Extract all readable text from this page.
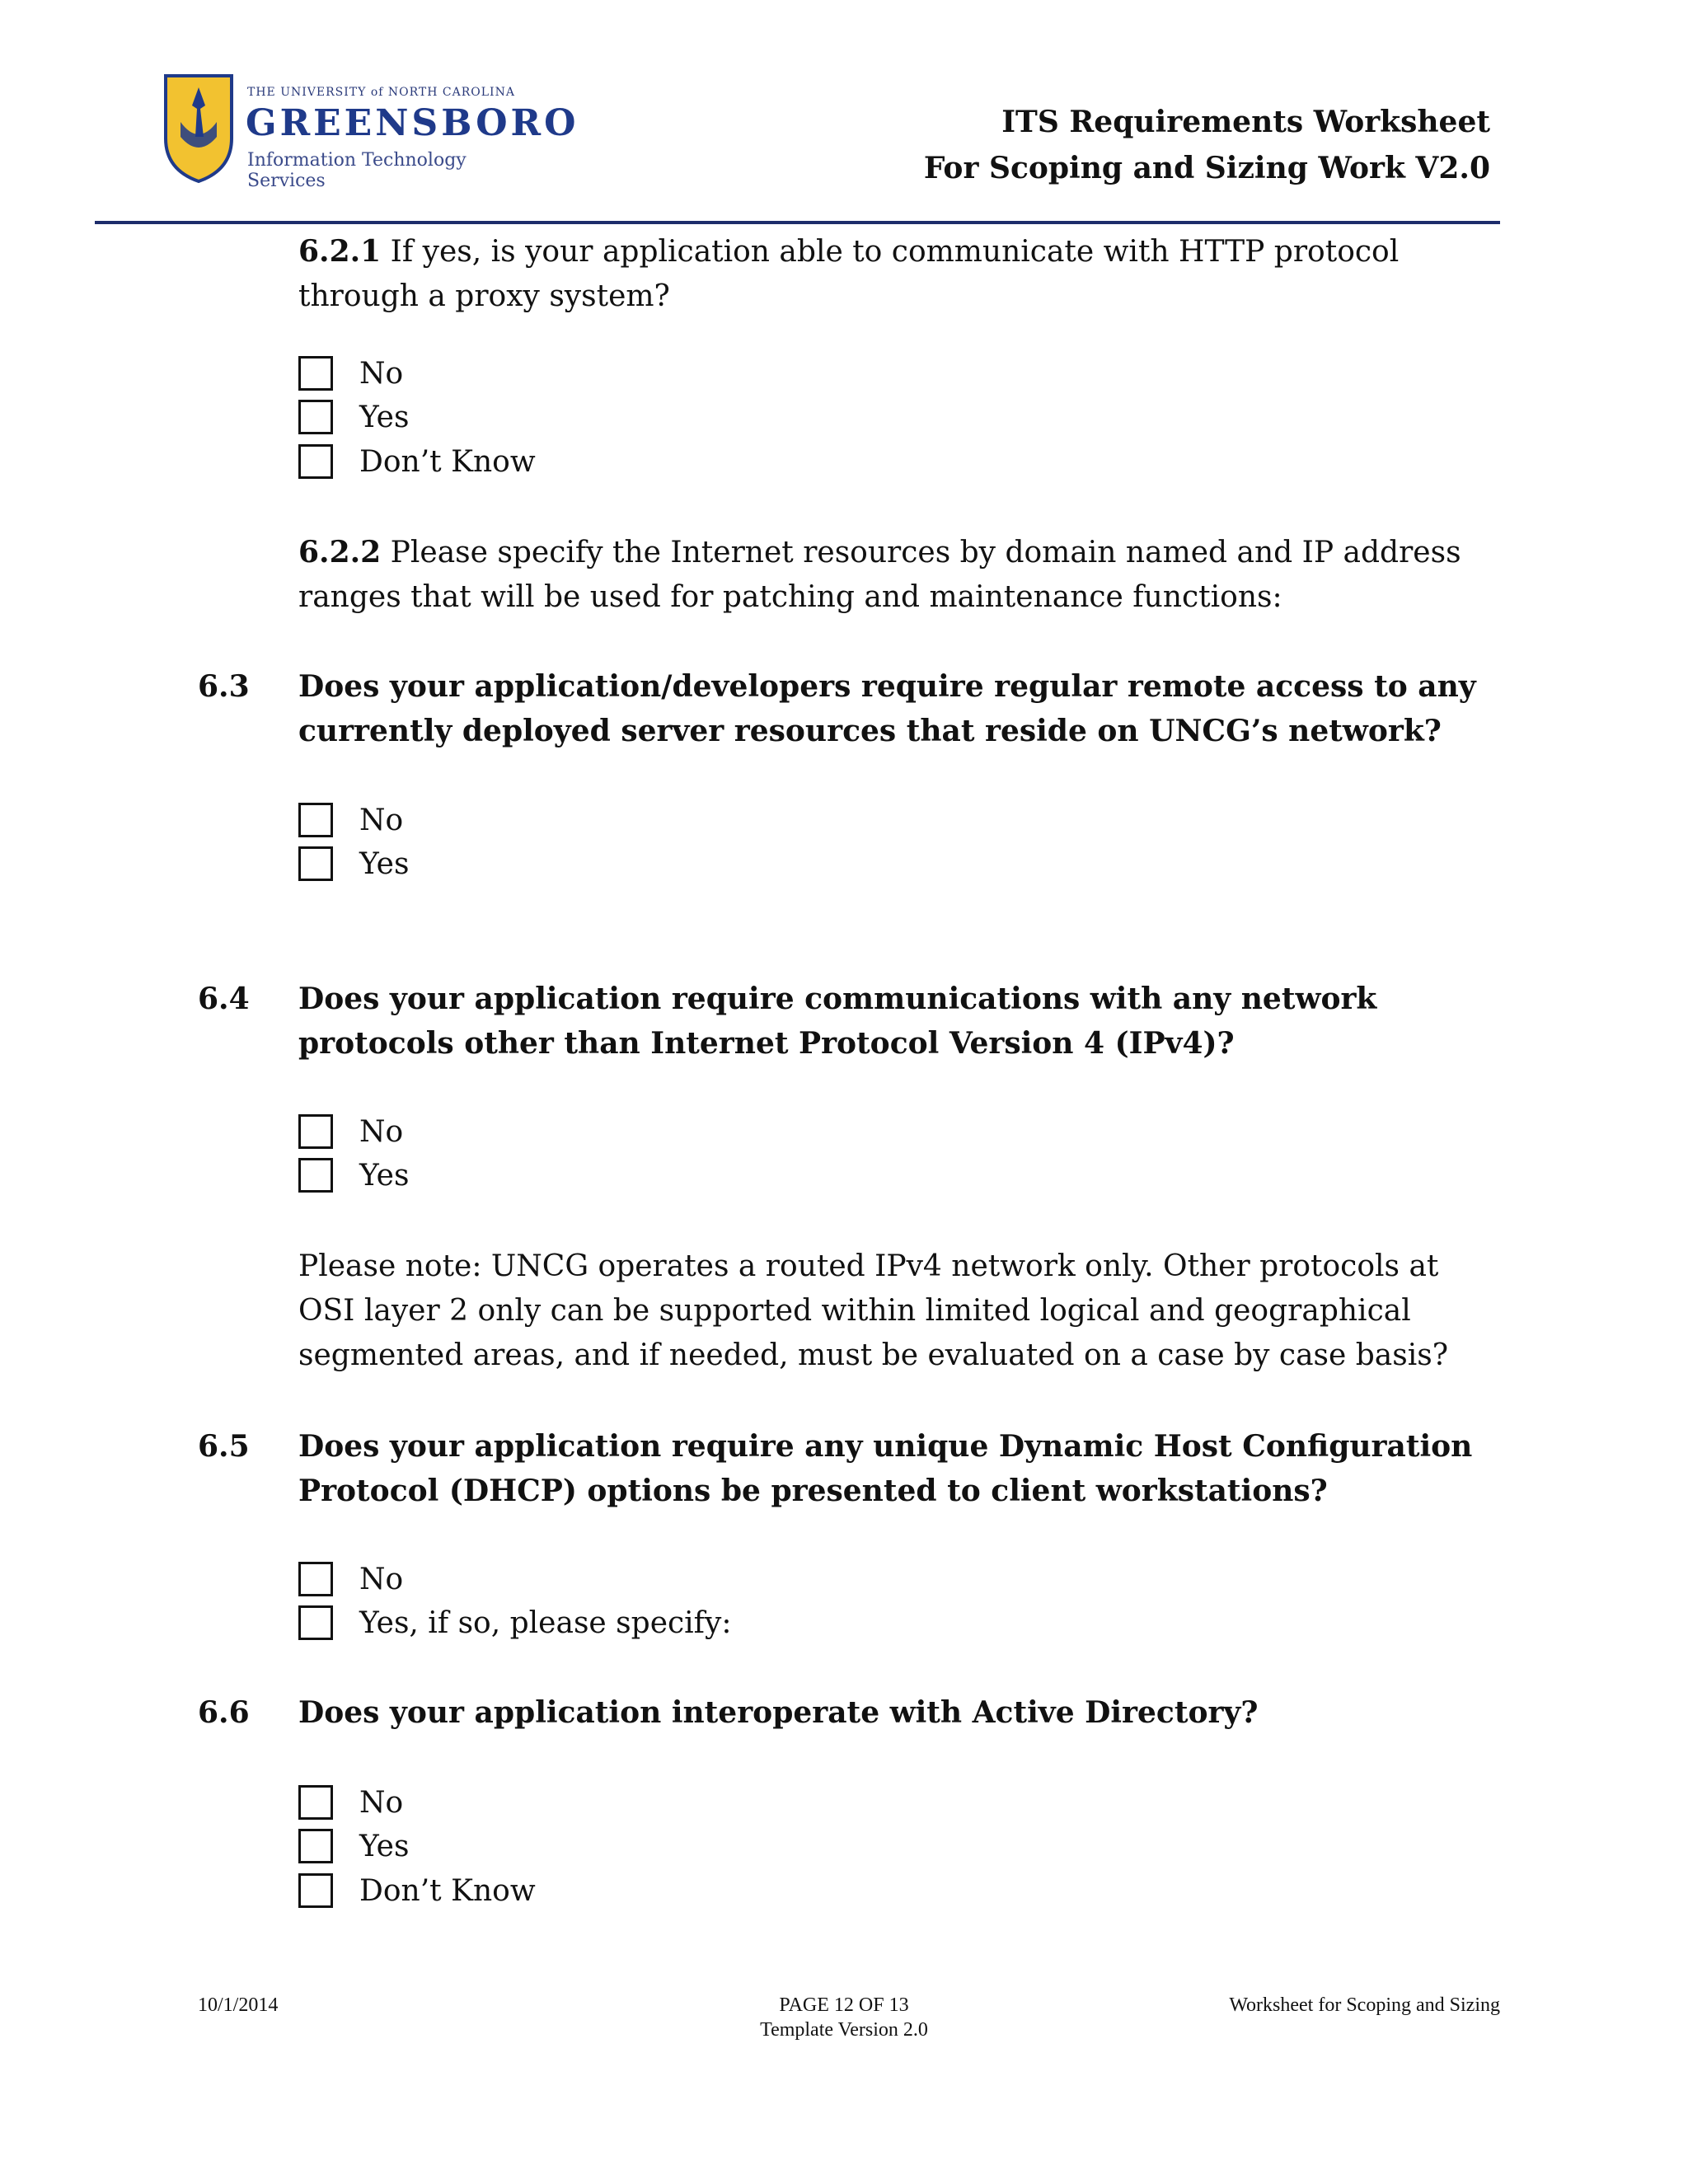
THE UNIVERSITY of NORTH CAROLINA
GREENSBORO
Information Technology Services
ITS Requirements Worksheet
For Scoping and Sizing Work V2.0
6.2.1 If yes, is your application able to communicate with HTTP protocol through a proxy system?
No
Yes
Don’t Know
6.2.2 Please specify the Internet resources by domain named and IP address ranges that will be used for patching and maintenance functions:
6.3 Does your application/developers require regular remote access to any currently deployed server resources that reside on UNCG’s network?
No
Yes
6.4 Does your application require communications with any network protocols other than Internet Protocol Version 4 (IPv4)?
No
Yes
Please note: UNCG operates a routed IPv4 network only. Other protocols at OSI layer 2 only can be supported within limited logical and geographical segmented areas, and if needed, must be evaluated on a case by case basis?
6.5 Does your application require any unique Dynamic Host Configuration Protocol (DHCP) options be presented to client workstations?
No
Yes, if so, please specify:
6.6 Does your application interoperate with Active Directory?
No
Yes
Don’t Know
10/1/2014	PAGE 12 OF 13
Template Version 2.0
Worksheet for Scoping and Sizing
